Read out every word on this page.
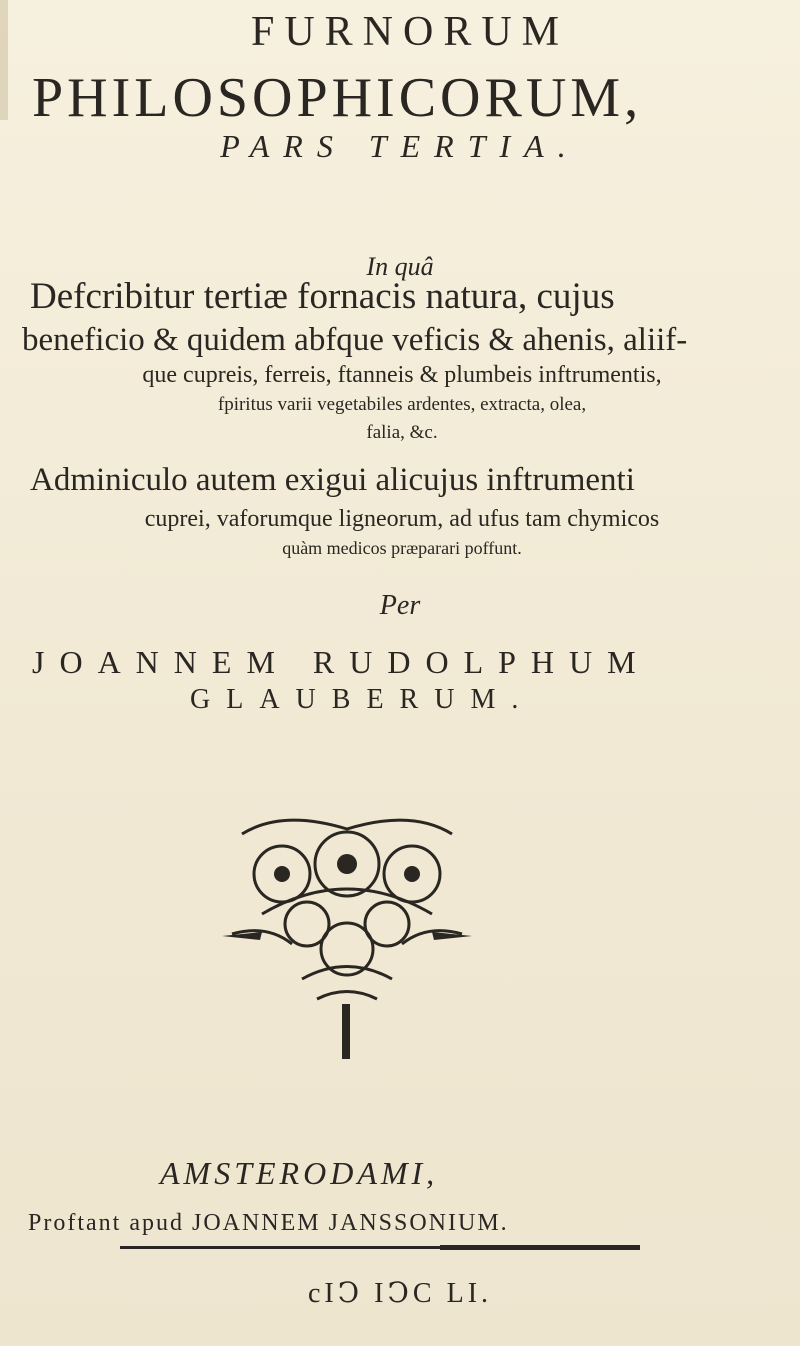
FURNORUM
PHILOSOPHICORUM,
PARS TERTIA.
In quâ
Defcribitur tertiæ fornacis natura, cujus
beneficio & quidem abfque veficis & ahenis, aliif-
que cupreis, ferreis, ftanneis & plumbeis inftrumentis,
fpiritus varii vegetabiles ardentes, extracta, olea,
falia, &c.
Adminiculo autem exigui alicujus inftrumenti
cuprei, vaforumque ligneorum, ad ufus tam chymicos
quàm medicos præparari poffunt.
Per
JOANNEM RUDOLPHUM
GLAUBERUM.
AMSTERODAMI,
Proftant apud JOANNEM JANSSONIUM.
cIↃ IↃC LI.
